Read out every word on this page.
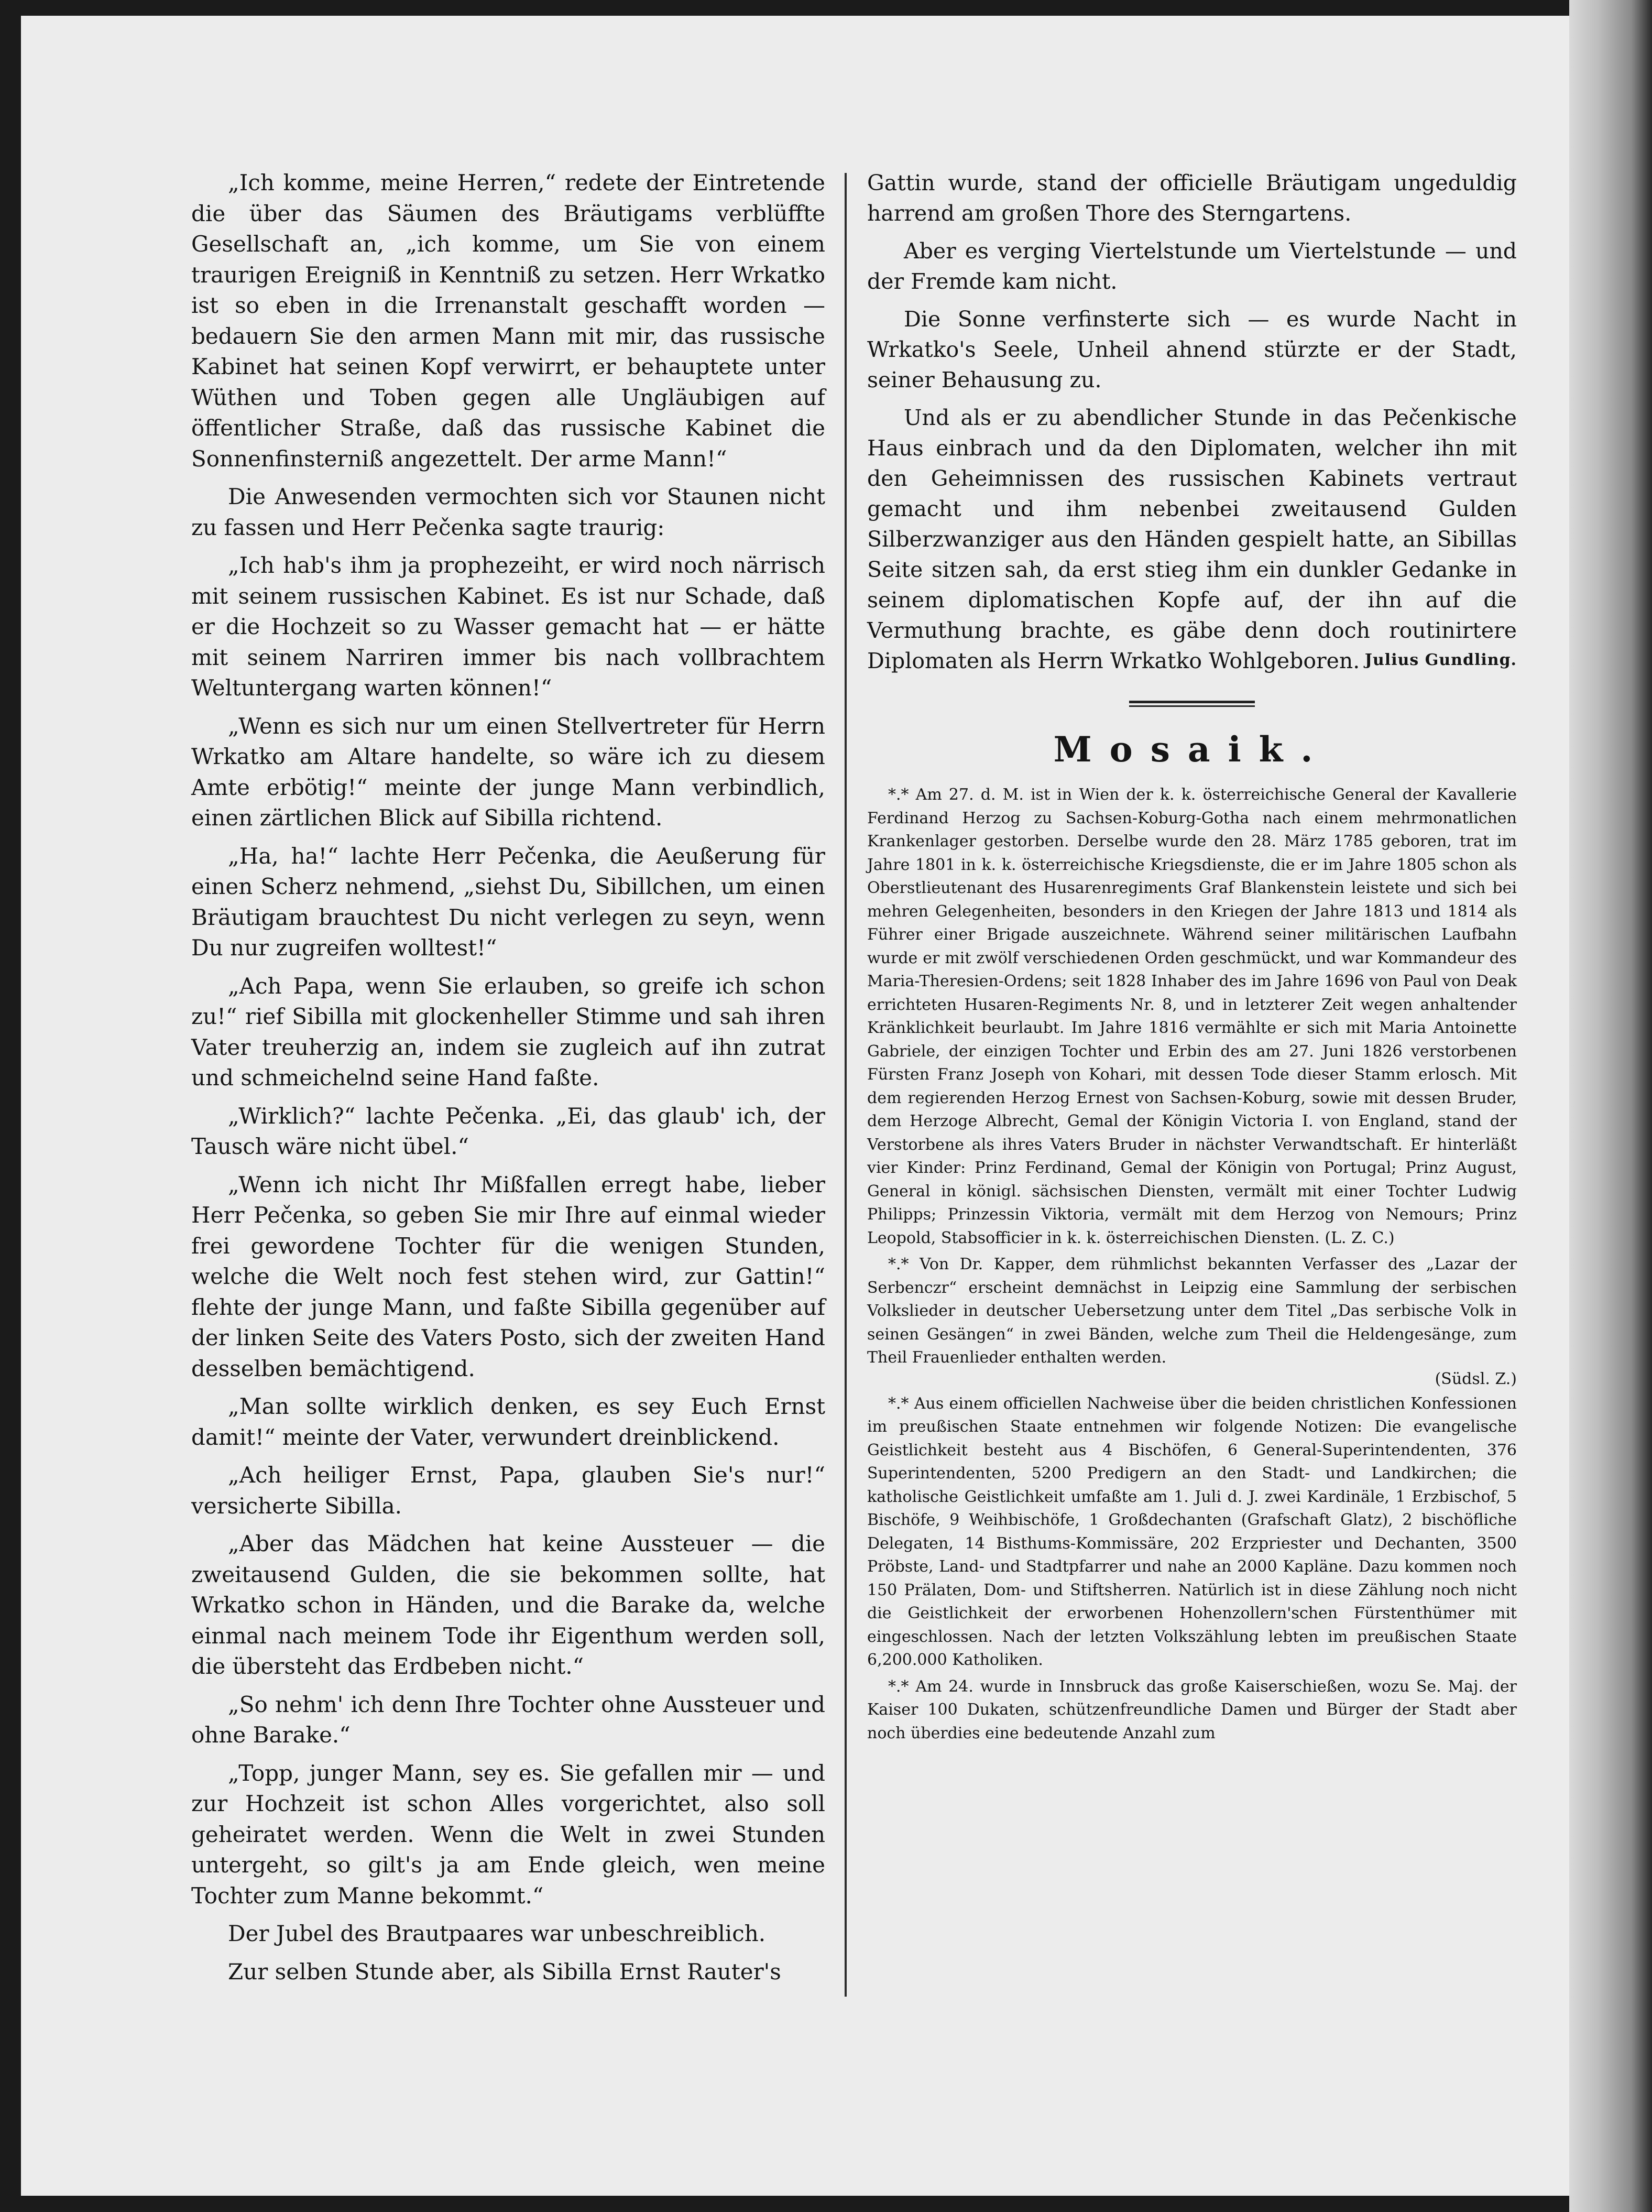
„Ich komme, meine Herren,“ redete der Eintretende die über das Säumen des Bräutigams verblüffte Gesellschaft an, „ich komme, um Sie von einem traurigen Ereigniß in Kenntniß zu setzen. Herr Wrkatko ist so eben in die Irrenanstalt geschafft worden — bedauern Sie den armen Mann mit mir, das russische Kabinet hat seinen Kopf verwirrt, er behauptete unter Wüthen und Toben gegen alle Ungläubigen auf öffentlicher Straße, daß das russische Kabinet die Sonnenfinsterniß angezettelt. Der arme Mann!“

Die Anwesenden vermochten sich vor Staunen nicht zu fassen und Herr Pečenka sagte traurig:

„Ich hab's ihm ja prophezeiht, er wird noch närrisch mit seinem russischen Kabinet. Es ist nur Schade, daß er die Hochzeit so zu Wasser gemacht hat — er hätte mit seinem Narriren immer bis nach vollbrachtem Weltuntergang warten können!“

„Wenn es sich nur um einen Stellvertreter für Herrn Wrkatko am Altare handelte, so wäre ich zu diesem Amte erbötig!“ meinte der junge Mann verbindlich, einen zärtlichen Blick auf Sibilla richtend.

„Ha, ha!“ lachte Herr Pečenka, die Aeußerung für einen Scherz nehmend, „siehst Du, Sibillchen, um einen Bräutigam brauchtest Du nicht verlegen zu seyn, wenn Du nur zugreifen wolltest!“

„Ach Papa, wenn Sie erlauben, so greife ich schon zu!“ rief Sibilla mit glockenheller Stimme und sah ihren Vater treuherzig an, indem sie zugleich auf ihn zutrat und schmeichelnd seine Hand faßte.

„Wirklich?“ lachte Pečenka. „Ei, das glaub' ich, der Tausch wäre nicht übel.“

„Wenn ich nicht Ihr Mißfallen erregt habe, lieber Herr Pečenka, so geben Sie mir Ihre auf einmal wieder frei gewordene Tochter für die wenigen Stunden, welche die Welt noch fest stehen wird, zur Gattin!“ flehte der junge Mann, und faßte Sibilla gegenüber auf der linken Seite des Vaters Posto, sich der zweiten Hand desselben bemächtigend.

„Man sollte wirklich denken, es sey Euch Ernst damit!“ meinte der Vater, verwundert dreinblickend.

„Ach heiliger Ernst, Papa, glauben Sie's nur!“ versicherte Sibilla.

„Aber das Mädchen hat keine Aussteuer — die zweitausend Gulden, die sie bekommen sollte, hat Wrkatko schon in Händen, und die Barake da, welche einmal nach meinem Tode ihr Eigenthum werden soll, die übersteht das Erdbeben nicht.“

„So nehm' ich denn Ihre Tochter ohne Aussteuer und ohne Barake.“

„Topp, junger Mann, sey es. Sie gefallen mir — und zur Hochzeit ist schon Alles vorgerichtet, also soll geheiratet werden. Wenn die Welt in zwei Stunden untergeht, so gilt's ja am Ende gleich, wen meine Tochter zum Manne bekommt.“

Der Jubel des Brautpaares war unbeschreiblich.

Zur selben Stunde aber, als Sibilla Ernst Rauter's

Gattin wurde, stand der officielle Bräutigam ungeduldig harrend am großen Thore des Sterngartens.

Aber es verging Viertelstunde um Viertelstunde — und der Fremde kam nicht.

Die Sonne verfinsterte sich — es wurde Nacht in Wrkatko's Seele, Unheil ahnend stürzte er der Stadt, seiner Behausung zu.

Und als er zu abendlicher Stunde in das Pečenkische Haus einbrach und da den Diplomaten, welcher ihn mit den Geheimnissen des russischen Kabinets vertraut gemacht und ihm nebenbei zweitausend Gulden Silberzwanziger aus den Händen gespielt hatte, an Sibillas Seite sitzen sah, da erst stieg ihm ein dunkler Gedanke in seinem diplomatischen Kopfe auf, der ihn auf die Vermuthung brachte, es gäbe denn doch routinirtere Diplomaten als Herrn Wrkatko Wohlgeboren. Julius Gundling.
Mosaik.

*.* Am 27. d. M. ist in Wien der k. k. österreichische General der Kavallerie Ferdinand Herzog zu Sachsen-Koburg-Gotha nach einem mehrmonatlichen Krankenlager gestorben. Derselbe wurde den 28. März 1785 geboren, trat im Jahre 1801 in k. k. österreichische Kriegsdienste, die er im Jahre 1805 schon als Oberstlieutenant des Husarenregiments Graf Blankenstein leistete und sich bei mehren Gelegenheiten, besonders in den Kriegen der Jahre 1813 und 1814 als Führer einer Brigade auszeichnete. Während seiner militärischen Laufbahn wurde er mit zwölf verschiedenen Orden geschmückt, und war Kommandeur des Maria-Theresien-Ordens; seit 1828 Inhaber des im Jahre 1696 von Paul von Deak errichteten Husaren-Regiments Nr. 8, und in letzterer Zeit wegen anhaltender Kränklichkeit beurlaubt. Im Jahre 1816 vermählte er sich mit Maria Antoinette Gabriele, der einzigen Tochter und Erbin des am 27. Juni 1826 verstorbenen Fürsten Franz Joseph von Kohari, mit dessen Tode dieser Stamm erlosch. Mit dem regierenden Herzog Ernest von Sachsen-Koburg, sowie mit dessen Bruder, dem Herzoge Albrecht, Gemal der Königin Victoria I. von England, stand der Verstorbene als ihres Vaters Bruder in nächster Verwandtschaft. Er hinterläßt vier Kinder: Prinz Ferdinand, Gemal der Königin von Portugal; Prinz August, General in königl. sächsischen Diensten, vermält mit einer Tochter Ludwig Philipps; Prinzessin Viktoria, vermält mit dem Herzog von Nemours; Prinz Leopold, Stabsofficier in k. k. österreichischen Diensten. (L. Z. C.)

*.* Von Dr. Kapper, dem rühmlichst bekannten Verfasser des „Lazar der Serbenczr“ erscheint demnächst in Leipzig eine Sammlung der serbischen Volkslieder in deutscher Uebersetzung unter dem Titel „Das serbische Volk in seinen Gesängen“ in zwei Bänden, welche zum Theil die Heldengesänge, zum Theil Frauenlieder enthalten werden.

(Südsl. Z.)

*.* Aus einem officiellen Nachweise über die beiden christlichen Konfessionen im preußischen Staate entnehmen wir folgende Notizen: Die evangelische Geistlichkeit besteht aus 4 Bischöfen, 6 General-Superintendenten, 376 Superintendenten, 5200 Predigern an den Stadt- und Landkirchen; die katholische Geistlichkeit umfaßte am 1. Juli d. J. zwei Kardinäle, 1 Erzbischof, 5 Bischöfe, 9 Weihbischöfe, 1 Großdechanten (Grafschaft Glatz), 2 bischöfliche Delegaten, 14 Bisthums-Kommissäre, 202 Erzpriester und Dechanten, 3500 Pröbste, Land- und Stadtpfarrer und nahe an 2000 Kapläne. Dazu kommen noch 150 Prälaten, Dom- und Stiftsherren. Natürlich ist in diese Zählung noch nicht die Geistlichkeit der erworbenen Hohenzollern'schen Fürstenthümer mit eingeschlossen. Nach der letzten Volkszählung lebten im preußischen Staate 6,200.000 Katholiken.

*.* Am 24. wurde in Innsbruck das große Kaiserschießen, wozu Se. Maj. der Kaiser 100 Dukaten, schützenfreundliche Damen und Bürger der Stadt aber noch überdies eine bedeutende Anzahl zum
